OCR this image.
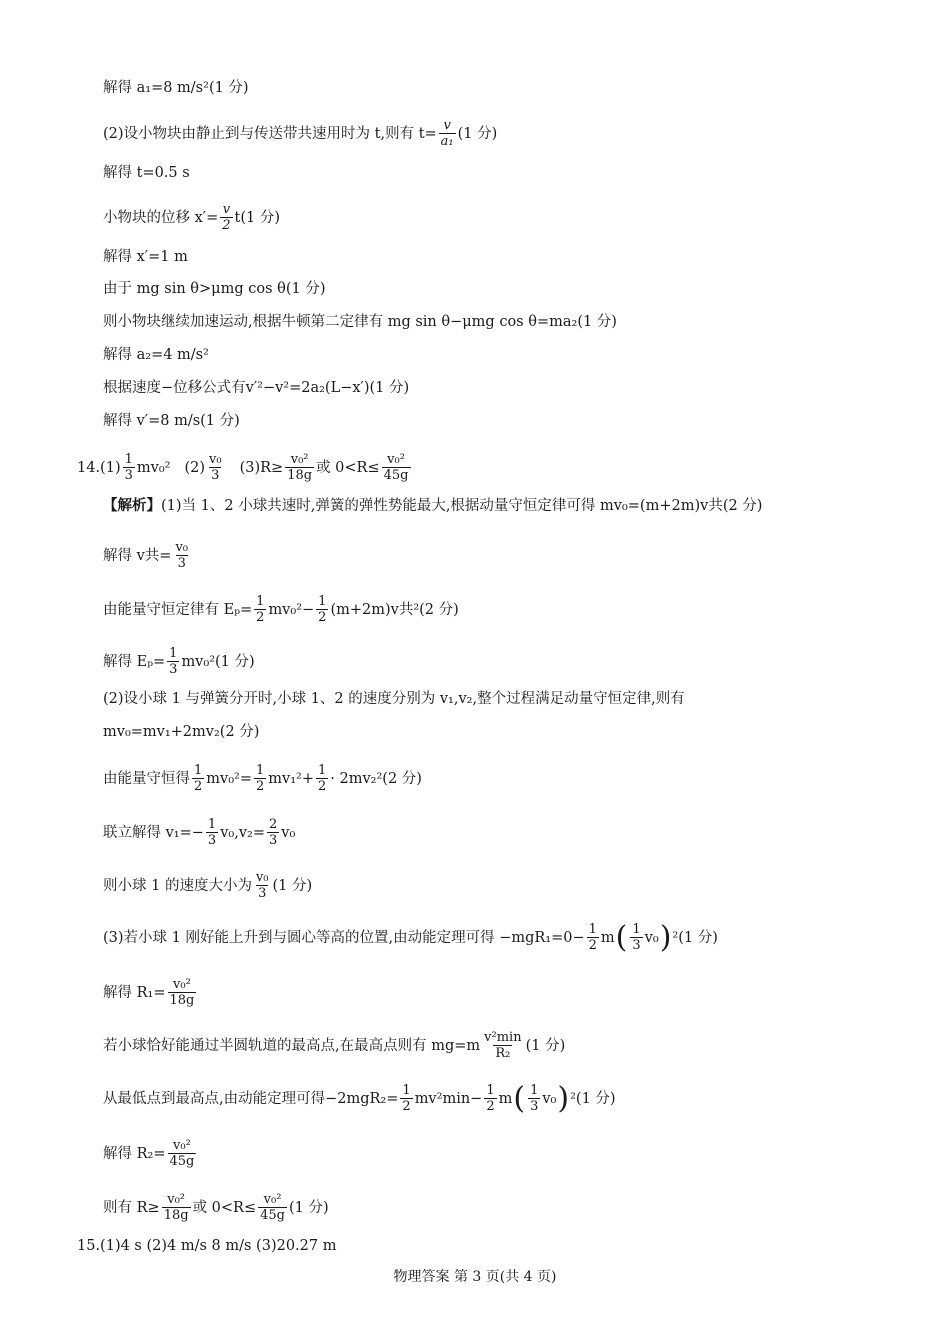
解得 a₁=8 m/s²(1 分)
(2)设小物块由静止到与传送带共速用时为 t,则有 $t= \frac{v}{\text{a₁}} (1$ 分)
解得 t=0.5 s
小物块的位移 $x'= \frac{v}{2} t(1$ 分)
解得 x′=1 m
由于 mg sin θ>μmg cos θ(1 分)
则小物块继续加速运动,根据牛顿第二定律有 mg sin θ−μmg cos θ=ma₂(1 分)
解得 a₂=4 m/s²
根据速度−位移公式有v′²−v²=2a₂(L−x′)(1 分)
解得 v′=8 m/s(1 分)
$14.(1) \frac{1}{3} mv_0^2$ $(2) \frac{\text{v₀}}{3} (3)R\ge \frac{\text{v₀²}}{18g}$ 或 $0<R\le \frac{\text{v₀²}}{45g}$
【解析】 (1)当 1、2 小球共速时,弹簧的弹性势能最大,根据动量守恒定律可得 mv₀=(m+2m)v共(2 分)
解得 v共= $\frac{\text{v₀}}{3}$
由能量守恒定律有 $E_p= \frac{1}{2} mv_0^2- \frac{1}{2} (m+2m)v$共²(2 分)
解得 $E_p= \frac{1}{3} mv_0^2(1$ 分)
(2)设小球 1 与弹簧分开时,小球 1、2 的速度分别为 v₁,v₂,整个过程满足动量守恒定律,则有
mv₀=mv₁+2mv₂(2 分)
由能量守恒得 $\frac{1}{2} mv_0^2= \frac{1}{2} mv_1^2+ \frac{1}{2} \cdot 2mv_2^2(2$ 分)
联立解得 $v_1=- \frac{1}{3} v_0,v_2= \frac{2}{3} v_0$
则小球 1 的速度大小为 $\frac{\text{v₀}}{3} (1$ 分)
(3)若小球 1 刚好能上升到与圆心等高的位置,由动能定理可得 $-mgR_1=0- \frac{1}{2}$ m ( $\frac{1}{3} v_0$ ) ²(1 分)
解得 $R_1= \frac{\text{v₀²}}{18g}$
若小球恰好能通过半圆轨道的最高点,在最高点则有 $mg=m \frac{\text{v²min}}{\text{R₂}} (1$ 分)
从最低点到最高点,由动能定理可得$-2mgR_2= \frac{1}{2} mv^2\min- \frac{1}{2}$ m ( $\frac{1}{3} v_0$ ) ²(1 分)
解得 $R_2= \frac{\text{v₀²}}{45g}$
则有 $R\ge \frac{\text{v₀²}}{18g}$ 或 $0<R\le \frac{\text{v₀²}}{45g} (1$ 分)
15.(1)4 s (2)4 m/s 8 m/s (3)20.27 m
物理答案 第 3 页(共 4 页)
